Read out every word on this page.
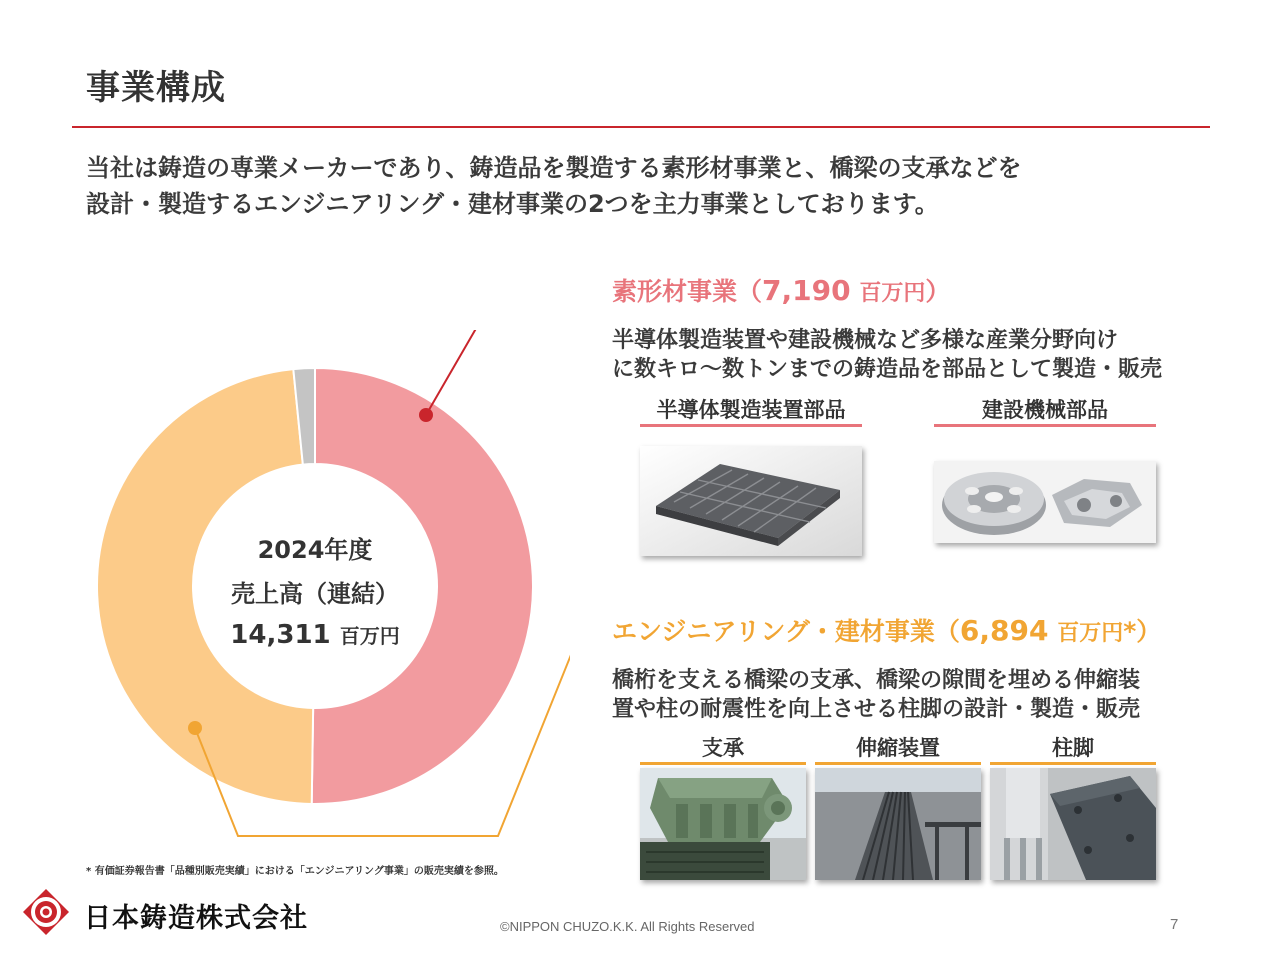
事業構成
当社は鋳造の専業メーカーであり、鋳造品を製造する素形材事業と、橋梁の支承などを
設計・製造するエンジニアリング・建材事業の2つを主力事業としております。
2024年度
売上高（連結）
14,311 百万円
素形材事業（7,190 百万円）
半導体製造装置や建設機械など多様な産業分野向け
に数キロ～数トンまでの鋳造品を部品として製造・販売
半導体製造装置部品	建設機械部品
エンジニアリング・建材事業（6,894 百万円*）
橋桁を支える橋梁の支承、橋梁の隙間を埋める伸縮装
置や柱の耐震性を向上させる柱脚の設計・製造・販売
支承	伸縮装置	柱脚
* 有価証券報告書「品種別販売実績」における「エンジニアリング事業」の販売実績を参照。
日本鋳造株式会社	©NIPPON CHUZO.K.K. All Rights Reserved	7
